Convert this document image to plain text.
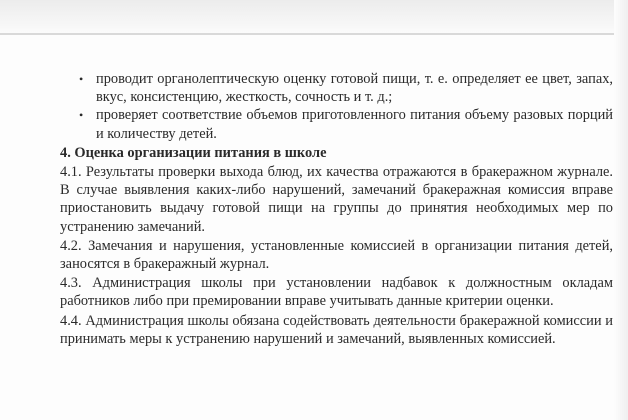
• проводит органолептическую оценку готовой пищи, т. е. определяет ее цвет, запах, вкус, консистенцию, жесткость, сочность и т. д.;

• проверяет соответствие объемов приготовленного питания объему разовых порций и количеству детей.

4. Оценка организации питания в школе

4.1. Результаты проверки выхода блюд, их качества отражаются в бракеражном журнале. В случае выявления каких-либо нарушений, замечаний бракеражная комиссия вправе приостановить выдачу готовой пищи на группы до принятия необходимых мер по устранению замечаний.

4.2. Замечания и нарушения, установленные комиссией в организации питания детей, заносятся в бракеражный журнал.

4.3. Администрация школы при установлении надбавок к должностным окладам работников либо при премировании вправе учитывать данные критерии оценки.

4.4. Администрация школы обязана содействовать деятельности бракеражной комиссии и принимать меры к устранению нарушений и замечаний, выявленных комиссией.
